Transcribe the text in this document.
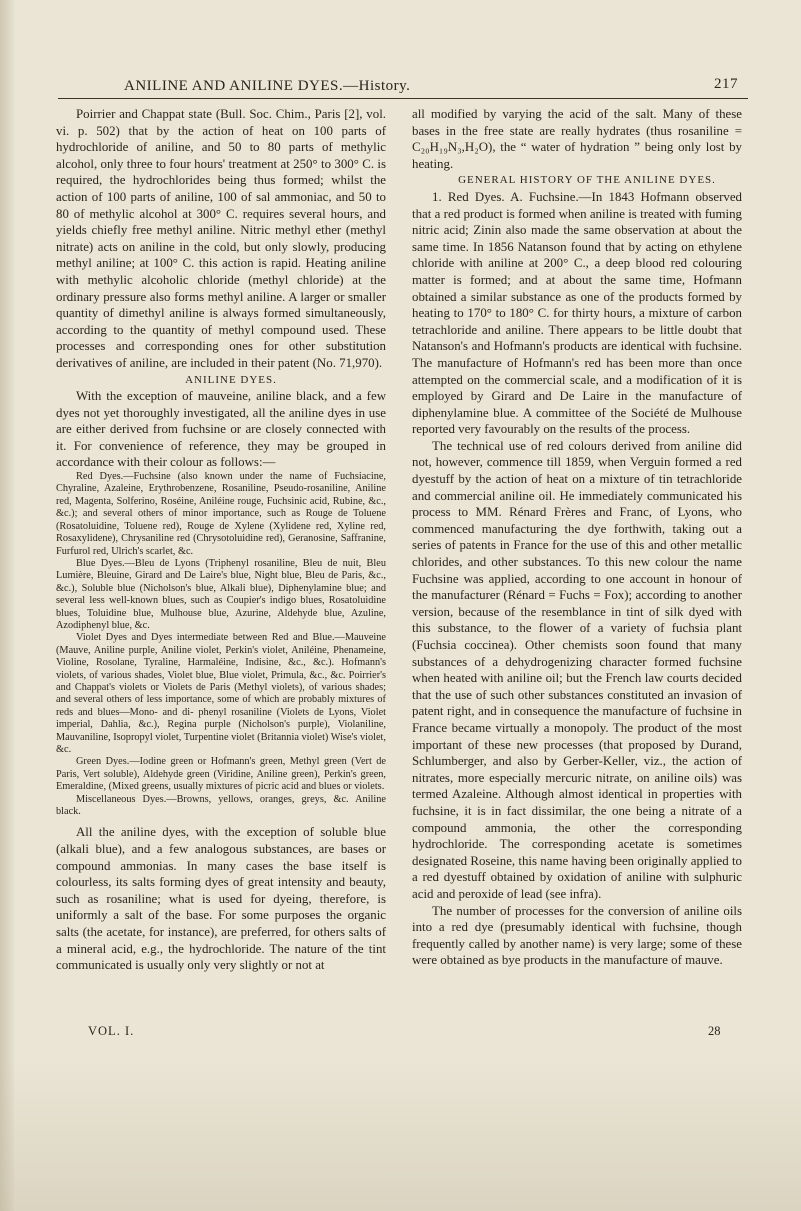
ANILINE AND ANILINE DYES.—History.	217

Poirrier and Chappat state (Bull. Soc. Chim., Paris [2], vol. vi. p. 502) that by the action of heat on 100 parts of hydrochloride of aniline, and 50 to 80 parts of methylic alcohol, only three to four hours' treatment at 250° to 300° C. is required, the hydrochlorides being thus formed; whilst the action of 100 parts of aniline, 100 of sal ammoniac, and 50 to 80 of methylic alcohol at 300° C. requires several hours, and yields chiefly free methyl aniline. Nitric methyl ether (methyl nitrate) acts on aniline in the cold, but only slowly, producing methyl aniline; at 100° C. this action is rapid. Heating aniline with methylic alcoholic chloride (methyl chloride) at the ordinary pressure also forms methyl aniline. A larger or smaller quantity of dimethyl aniline is always formed simultaneously, according to the quantity of methyl compound used. These processes and corresponding ones for other substitution derivatives of aniline, are included in their patent (No. 71,970).

ANILINE DYES.

With the exception of mauveine, aniline black, and a few dyes not yet thoroughly investigated, all the aniline dyes in use are either derived from fuchsine or are closely connected with it. For convenience of reference, they may be grouped in accordance with their colour as follows:—

Red Dyes.—Fuchsine (also known under the name of Fuchsiacine, Chyraline, Azaleine, Erythrobenzene, Rosaniline, Pseudo-rosaniline, Aniline red, Magenta, Solferino, Roséine, Aniléine rouge, Fuchsinic acid, Rubine, &c., &c.); and several others of minor importance, such as Rouge de Toluene (Rosatoluidine, Toluene red), Rouge de Xylene (Xylidene red, Xyline red, Rosaxylidene), Chrysaniline red (Chrysotoluidine red), Geranosine, Saffranine, Furfurol red, Ulrich's scarlet, &c.

Blue Dyes.—Bleu de Lyons (Triphenyl rosaniline, Bleu de nuit, Bleu Lumière, Bleuine, Girard and De Laire's blue, Night blue, Bleu de Paris, &c., &c.), Soluble blue (Nicholson's blue, Alkali blue), Diphenylamine blue; and several less well-known blues, such as Coupier's indigo blues, Rosatoluidine blues, Toluidine blue, Mulhouse blue, Azurine, Aldehyde blue, Azuline, Azodiphenyl blue, &c.

Violet Dyes and Dyes intermediate between Red and Blue.—Mauveine (Mauve, Aniline purple, Aniline violet, Perkin's violet, Aniléine, Phenameine, Violine, Rosolane, Tyraline, Harmaléine, Indisine, &c., &c.). Hofmann's violets, of various shades, Violet blue, Blue violet, Primula, &c., &c. Poirrier's and Chappat's violets or Violets de Paris (Methyl violets), of various shades; and several others of less importance, some of which are probably mixtures of reds and blues—Mono- and di- phenyl rosaniline (Violets de Lyons, Violet imperial, Dahlia, &c.), Regina purple (Nicholson's purple), Violaniline, Mauvaniline, Isopropyl violet, Turpentine violet (Britannia violet) Wise's violet, &c.

Green Dyes.—Iodine green or Hofmann's green, Methyl green (Vert de Paris, Vert soluble), Aldehyde green (Viridine, Aniline green), Perkin's green, Emeraldine, (Mixed greens, usually mixtures of picric acid and blues or violets.

Miscellaneous Dyes.—Browns, yellows, oranges, greys, &c. Aniline black.

All the aniline dyes, with the exception of soluble blue (alkali blue), and a few analogous substances, are bases or compound ammonias. In many cases the base itself is colourless, its salts forming dyes of great intensity and beauty, such as rosaniline; what is used for dyeing, therefore, is uniformly a salt of the base. For some purposes the organic salts (the acetate, for instance), are preferred, for others salts of a mineral acid, e.g., the hydrochloride. The nature of the tint communicated is usually only very slightly or not at

all modified by varying the acid of the salt. Many of these bases in the free state are really hydrates (thus rosaniline = C₂₀H₁₉N₃,H₂O), the “ water of hydration ” being only lost by heating.

GENERAL HISTORY OF THE ANILINE DYES.

1. Red Dyes. A. Fuchsine.—In 1843 Hofmann observed that a red product is formed when aniline is treated with fuming nitric acid; Zinin also made the same observation at about the same time. In 1856 Natanson found that by acting on ethylene chloride with aniline at 200° C., a deep blood red colouring matter is formed; and at about the same time, Hofmann obtained a similar substance as one of the products formed by heating to 170° to 180° C. for thirty hours, a mixture of carbon tetrachloride and aniline. There appears to be little doubt that Natanson's and Hofmann's products are identical with fuchsine. The manufacture of Hofmann's red has been more than once attempted on the commercial scale, and a modification of it is employed by Girard and De Laire in the manufacture of diphenylamine blue. A committee of the Société de Mulhouse reported very favourably on the results of the process.

The technical use of red colours derived from aniline did not, however, commence till 1859, when Verguin formed a red dyestuff by the action of heat on a mixture of tin tetrachloride and commercial aniline oil. He immediately communicated his process to MM. Rénard Frères and Franc, of Lyons, who commenced manufacturing the dye forthwith, taking out a series of patents in France for the use of this and other metallic chlorides, and other substances. To this new colour the name Fuchsine was applied, according to one account in honour of the manufacturer (Rénard = Fuchs = Fox); according to another version, because of the resemblance in tint of silk dyed with this substance, to the flower of a variety of fuchsia plant (Fuchsia coccinea). Other chemists soon found that many substances of a dehydrogenizing character formed fuchsine when heated with aniline oil; but the French law courts decided that the use of such other substances constituted an invasion of patent right, and in consequence the manufacture of fuchsine in France became virtually a monopoly. The product of the most important of these new processes (that proposed by Durand, Schlumberger, and also by Gerber-Keller, viz., the action of nitrates, more especially mercuric nitrate, on aniline oils) was termed Azaleine. Although almost identical in properties with fuchsine, it is in fact dissimilar, the one being a nitrate of a compound ammonia, the other the corresponding hydrochloride. The corresponding acetate is sometimes designated Roseine, this name having been originally applied to a red dyestuff obtained by oxidation of aniline with sulphuric acid and peroxide of lead (see infra).

The number of processes for the conversion of aniline oils into a red dye (presumably identical with fuchsine, though frequently called by another name) is very large; some of these were obtained as bye products in the manufacture of mauve.

VOL. I.	28
